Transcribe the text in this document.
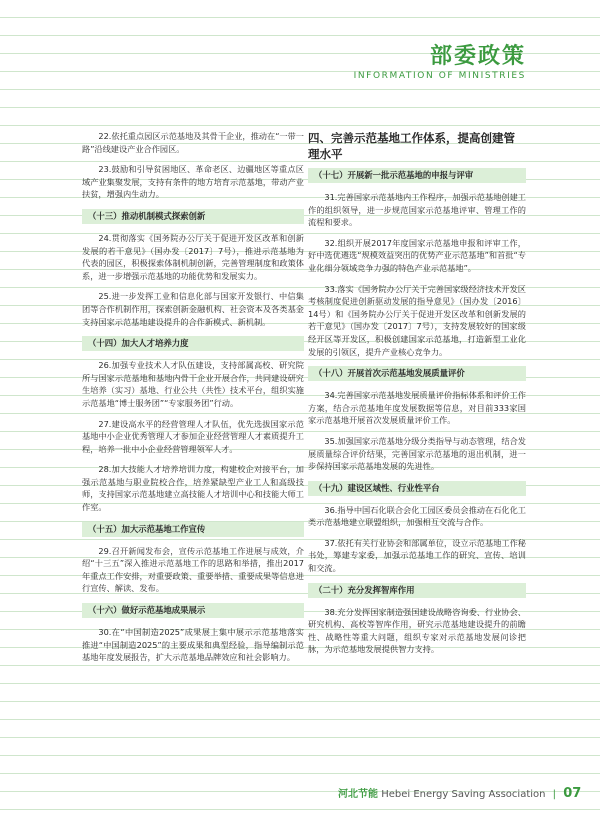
部委政策
INFORMATION OF MINISTRIES
22.依托重点园区示范基地及其骨干企业，推动在“一带一路”沿线建设产业合作园区。
23.鼓励和引导贫困地区、革命老区、边疆地区等重点区域产业集聚发展，支持有条件的地方培育示范基地，带动产业扶贫，增强内生动力。
（十三）推动机制模式探索创新
24.贯彻落实《国务院办公厅关于促进开发区改革和创新发展的若干意见》（国办发〔2017〕7号），推进示范基地为代表的园区，积极探索体制机制创新，完善管理制度和政策体系，进一步增强示范基地的功能优势和发展实力。
25.进一步发挥工业和信息化部与国家开发银行、中信集团等合作机制作用，探索创新金融机构、社会资本及各类基金支持国家示范基地建设提升的合作新模式、新机制。
（十四）加大人才培养力度
26.加强专业技术人才队伍建设，支持部属高校、研究院所与国家示范基地和基地内骨干企业开展合作，共同建设研究生培养（实习）基地、行业公共（共性）技术平台，组织实施示范基地“博士服务团”“专家服务团”行动。
27.建设高水平的经营管理人才队伍，优先选拔国家示范基地中小企业优秀管理人才参加企业经营管理人才素质提升工程，培养一批中小企业经营管理领军人才。
28.加大技能人才培养培训力度，构建校企对接平台，加强示范基地与职业院校合作，培养紧缺型产业工人和高级技师，支持国家示范基地建立高技能人才培训中心和技能大师工作室。
（十五）加大示范基地工作宣传
29.召开新闻发布会，宣传示范基地工作进展与成效，介绍“十三五”深入推进示范基地工作的思路和举措，推出2017年重点工作安排，对重要政策、重要举措、重要成果等信息进行宣传、解读、发布。
（十六）做好示范基地成果展示
30.在“中国制造2025”成果展上集中展示示范基地落实推进“中国制造2025”的主要成果和典型经验，指导编制示范基地年度发展报告，扩大示范基地品牌效应和社会影响力。
四、完善示范基地工作体系，提高创建管理水平
（十七）开展新一批示范基地的申报与评审
31.完善国家示范基地内工作程序，加强示范基地创建工作的组织领导，进一步规范国家示范基地评审、管理工作的流程和要求。
32.组织开展2017年度国家示范基地申报和评审工作，好中选优遴选“规模效益突出的优势产业示范基地”和首批“专业化细分领域竞争力强的特色产业示范基地”。
33.落实《国务院办公厅关于完善国家级经济技术开发区考核制度促进创新驱动发展的指导意见》（国办发〔2016〕14号）和《国务院办公厅关于促进开发区改革和创新发展的若干意见》（国办发〔2017〕7号），支持发展较好的国家级经开区等开发区，积极创建国家示范基地，打造新型工业化发展的引领区，提升产业核心竞争力。
（十八）开展首次示范基地发展质量评价
34.完善国家示范基地发展质量评价指标体系和评价工作方案，结合示范基地年度发展数据等信息，对目前333家国家示范基地开展首次发展质量评价工作。
35.加强国家示范基地分级分类指导与动态管理，结合发展质量综合评价结果，完善国家示范基地的退出机制，进一步保持国家示范基地发展的先进性。
（十九）建设区域性、行业性平台
36.指导中国石化联合会化工园区委员会推动在石化化工类示范基地建立联盟组织，加强相互交流与合作。
37.依托有关行业协会和部属单位，设立示范基地工作秘书处，筹建专家委，加强示范基地工作的研究、宣传、培训和交流。
（二十）充分发挥智库作用
38.充分发挥国家制造强国建设战略咨询委、行业协会、研究机构、高校等智库作用，研究示范基地建设提升的前瞻性、战略性等重大问题，组织专家对示范基地发展问诊把脉，为示范基地发展提供智力支持。
河北节能 Hebei Energy Saving Association | 07
